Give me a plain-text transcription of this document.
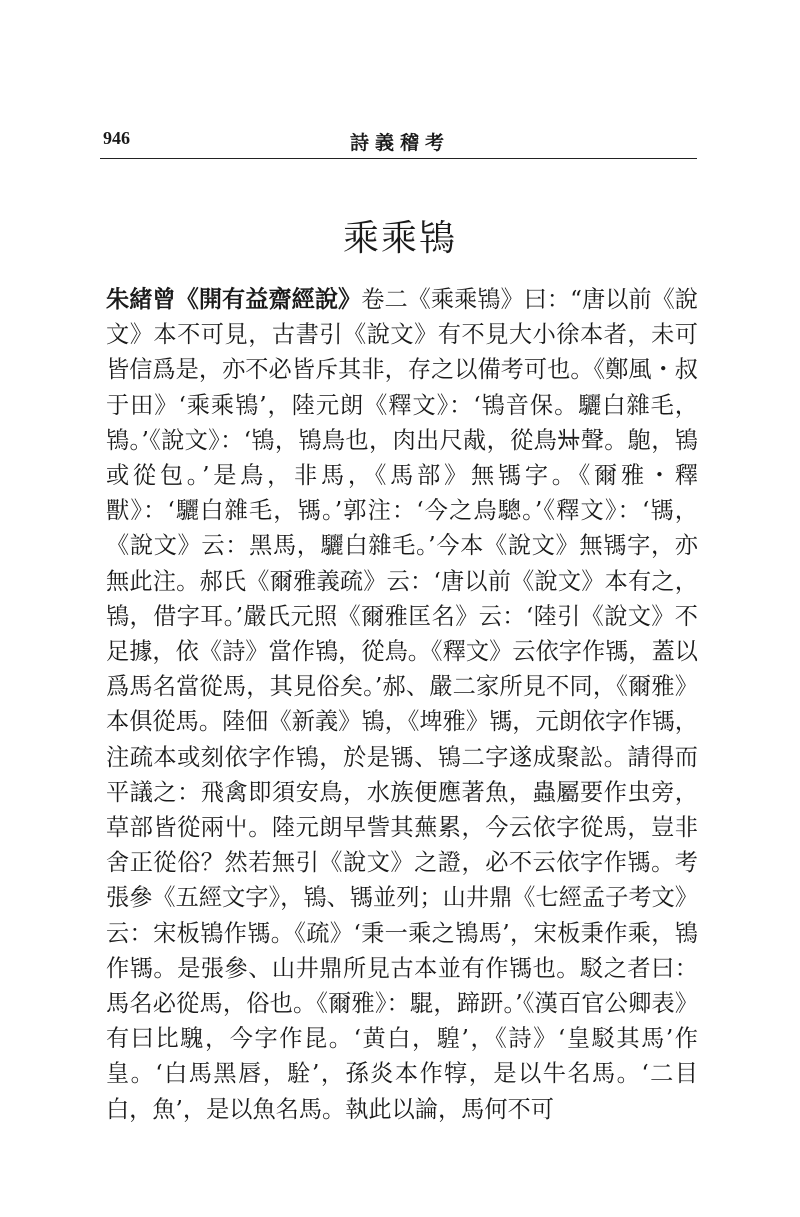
946	詩義稽考
乘乘鴇
朱緒曾《開有益齋經說》卷二《乘乘鴇》曰：“唐以前《說文》本不可見，古書引《說文》有不見大小徐本者，未可皆信爲是，亦不必皆斥其非，存之以備考可也。《鄭風・叔于田》‘乘乘鴇’，陸元朗《釋文》：‘鴇音保。驪白雜毛，鴇。’《說文》：‘鴇，鴇鳥也，肉出尺胾，從鳥𠦑聲。䳈，鴇或從包。’是鳥，非馬，《馬部》無駂字。《爾雅・釋獸》：‘驪白雜毛，駂。’郭注：‘今之烏驄。’《釋文》：‘駂，《說文》云：黑馬，驪白雜毛。’今本《說文》無駂字，亦無此注。郝氏《爾雅義疏》云：‘唐以前《說文》本有之，鴇，借字耳。’嚴氏元照《爾雅匡名》云：‘陸引《說文》不足據，依《詩》當作鴇，從鳥。《釋文》云依字作駂，蓋以爲馬名當從馬，其見俗矣。’郝、嚴二家所見不同，《爾雅》本俱從馬。陸佃《新義》鴇，《埤雅》駂，元朗依字作駂，注疏本或刻依字作鴇，於是駂、鴇二字遂成聚訟。請得而平議之：飛禽即須安鳥，水族便應著魚，蟲屬要作虫旁，草部皆從兩屮。陸元朗早訾其蕪累，今云依字從馬，豈非舍正從俗？然若無引《說文》之證，必不云依字作駂。考張參《五經文字》，鴇、駂並列；山井鼎《七經孟子考文》云：宋板鴇作駂。《疏》‘秉一乘之鴇馬’，宋板秉作乘，鴇作駂。是張參、山井鼎所見古本並有作駂也。駁之者曰：馬名必從馬，俗也。《爾雅》：騉，蹄趼。’《漢百官公卿表》有曰比騩，今字作昆。‘黄白，騜’，《詩》‘皇駁其馬’作皇。‘白馬黑唇，駩’，孫炎本作犉，是以牛名馬。‘二目白，魚’，是以魚名馬。執此以論，馬何不可
